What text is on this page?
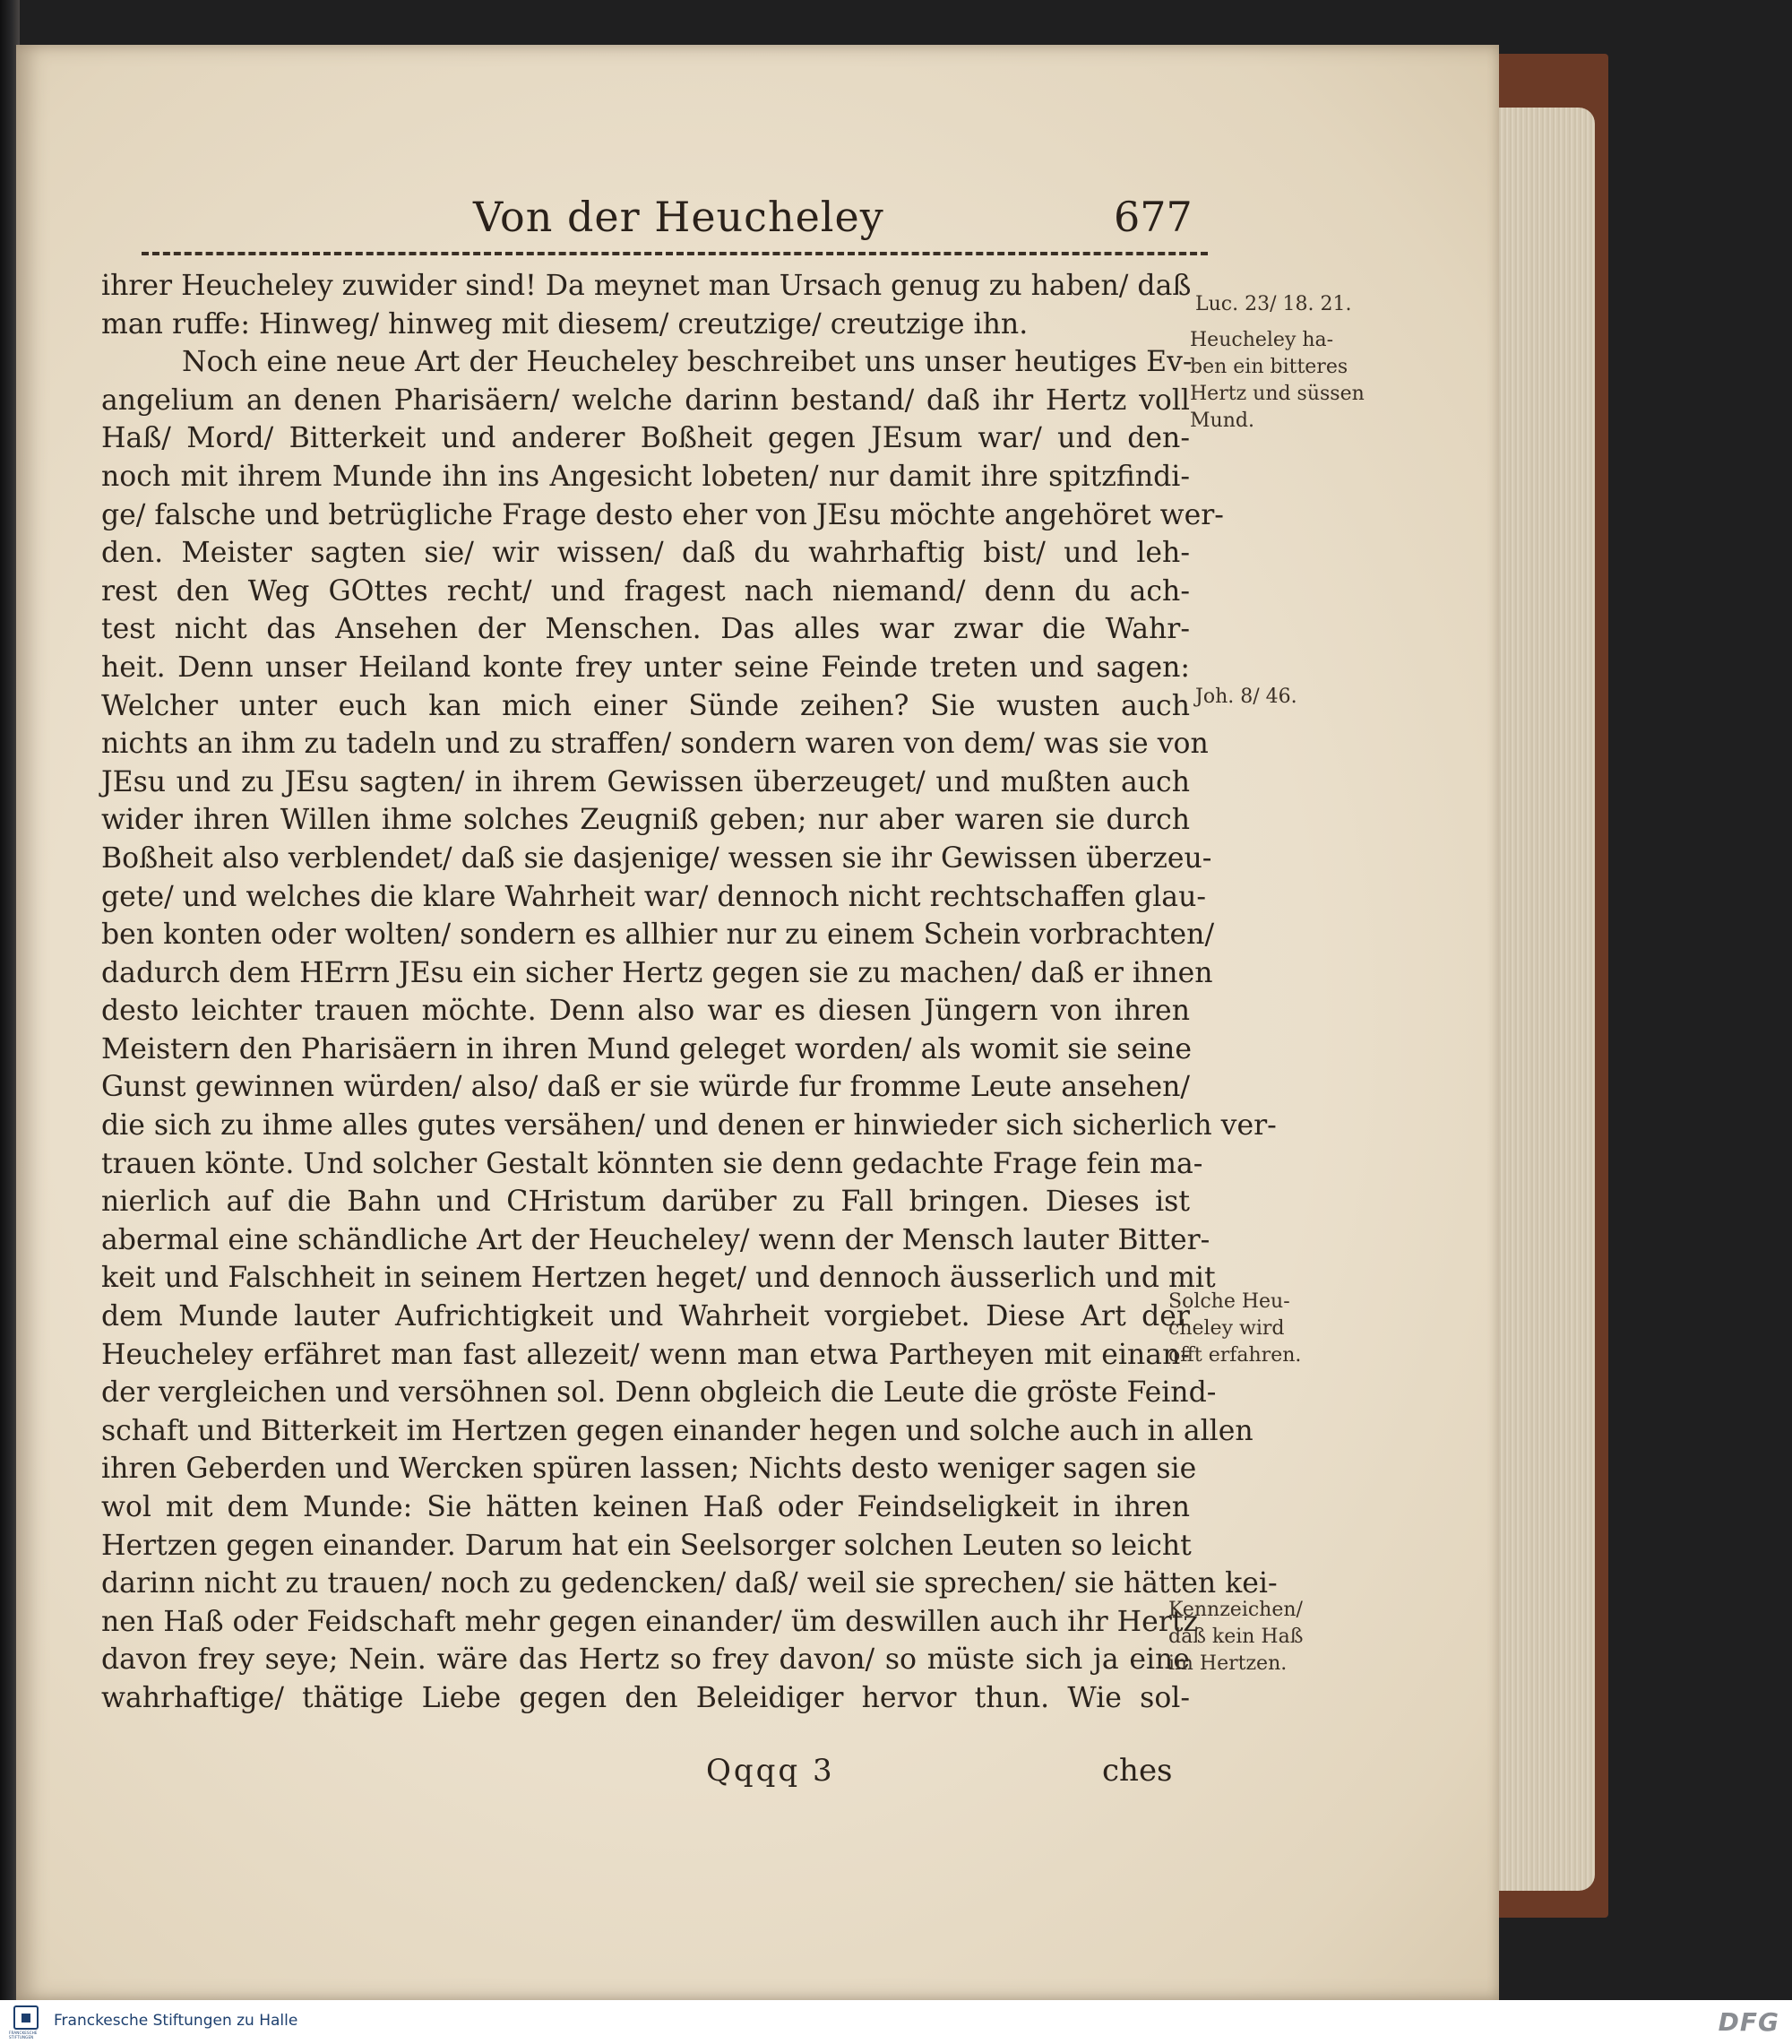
Von der Heucheley	677
ihrer Heucheley zuwider sind! Da meynet man Ursach genug zu haben/ daß
man ruffe: Hinweg/ hinweg mit diesem/ creutzige/ creutzige ihn.
Noch eine neue Art der Heucheley beschreibet uns unser heutiges Ev-
angelium an denen Pharisäern/ welche darinn bestand/ daß ihr Hertz voll
Haß/ Mord/ Bitterkeit und anderer Boßheit gegen JEsum war/ und den-
noch mit ihrem Munde ihn ins Angesicht lobeten/ nur damit ihre spitzfindi-
ge/ falsche und betrügliche Frage desto eher von JEsu möchte angehöret wer-
den. Meister sagten sie/ wir wissen/ daß du wahrhaftig bist/ und leh-
rest den Weg GOttes recht/ und fragest nach niemand/ denn du ach-
test nicht das Ansehen der Menschen. Das alles war zwar die Wahr-
heit. Denn unser Heiland konte frey unter seine Feinde treten und sagen:
Welcher unter euch kan mich einer Sünde zeihen? Sie wusten auch
nichts an ihm zu tadeln und zu straffen/ sondern waren von dem/ was sie von
JEsu und zu JEsu sagten/ in ihrem Gewissen überzeuget/ und mußten auch
wider ihren Willen ihme solches Zeugniß geben; nur aber waren sie durch
Boßheit also verblendet/ daß sie dasjenige/ wessen sie ihr Gewissen überzeu-
gete/ und welches die klare Wahrheit war/ dennoch nicht rechtschaffen glau-
ben konten oder wolten/ sondern es allhier nur zu einem Schein vorbrachten/
dadurch dem HErrn JEsu ein sicher Hertz gegen sie zu machen/ daß er ihnen
desto leichter trauen möchte. Denn also war es diesen Jüngern von ihren
Meistern den Pharisäern in ihren Mund geleget worden/ als womit sie seine
Gunst gewinnen würden/ also/ daß er sie würde fur fromme Leute ansehen/
die sich zu ihme alles gutes versähen/ und denen er hinwieder sich sicherlich ver-
trauen könte. Und solcher Gestalt könnten sie denn gedachte Frage fein ma-
nierlich auf die Bahn und CHristum darüber zu Fall bringen. Dieses ist
abermal eine schändliche Art der Heucheley/ wenn der Mensch lauter Bitter-
keit und Falschheit in seinem Hertzen heget/ und dennoch äusserlich und mit
dem Munde lauter Aufrichtigkeit und Wahrheit vorgiebet. Diese Art der
Heucheley erfähret man fast allezeit/ wenn man etwa Partheyen mit einan-
der vergleichen und versöhnen sol. Denn obgleich die Leute die gröste Feind-
schaft und Bitterkeit im Hertzen gegen einander hegen und solche auch in allen
ihren Geberden und Wercken spüren lassen; Nichts desto weniger sagen sie
wol mit dem Munde: Sie hätten keinen Haß oder Feindseligkeit in ihren
Hertzen gegen einander. Darum hat ein Seelsorger solchen Leuten so leicht
darinn nicht zu trauen/ noch zu gedencken/ daß/ weil sie sprechen/ sie hätten kei-
nen Haß oder Feidschaft mehr gegen einander/ üm deswillen auch ihr Hertz
davon frey seye; Nein. wäre das Hertz so frey davon/ so müste sich ja eine
wahrhaftige/ thätige Liebe gegen den Beleidiger hervor thun. Wie sol-
Luc. 23/ 18. 21.
Heucheley ha-
ben ein bitteres
Hertz und süssen
Mund.
Joh. 8/ 46.
Solche Heu-
cheley wird
offt erfahren.
Kennzeichen/
daß kein Haß
im Hertzen.
Qqqq 3	ches
FRANCKESCHE STIFTUNGEN
Franckesche Stiftungen zu Halle	DFG
